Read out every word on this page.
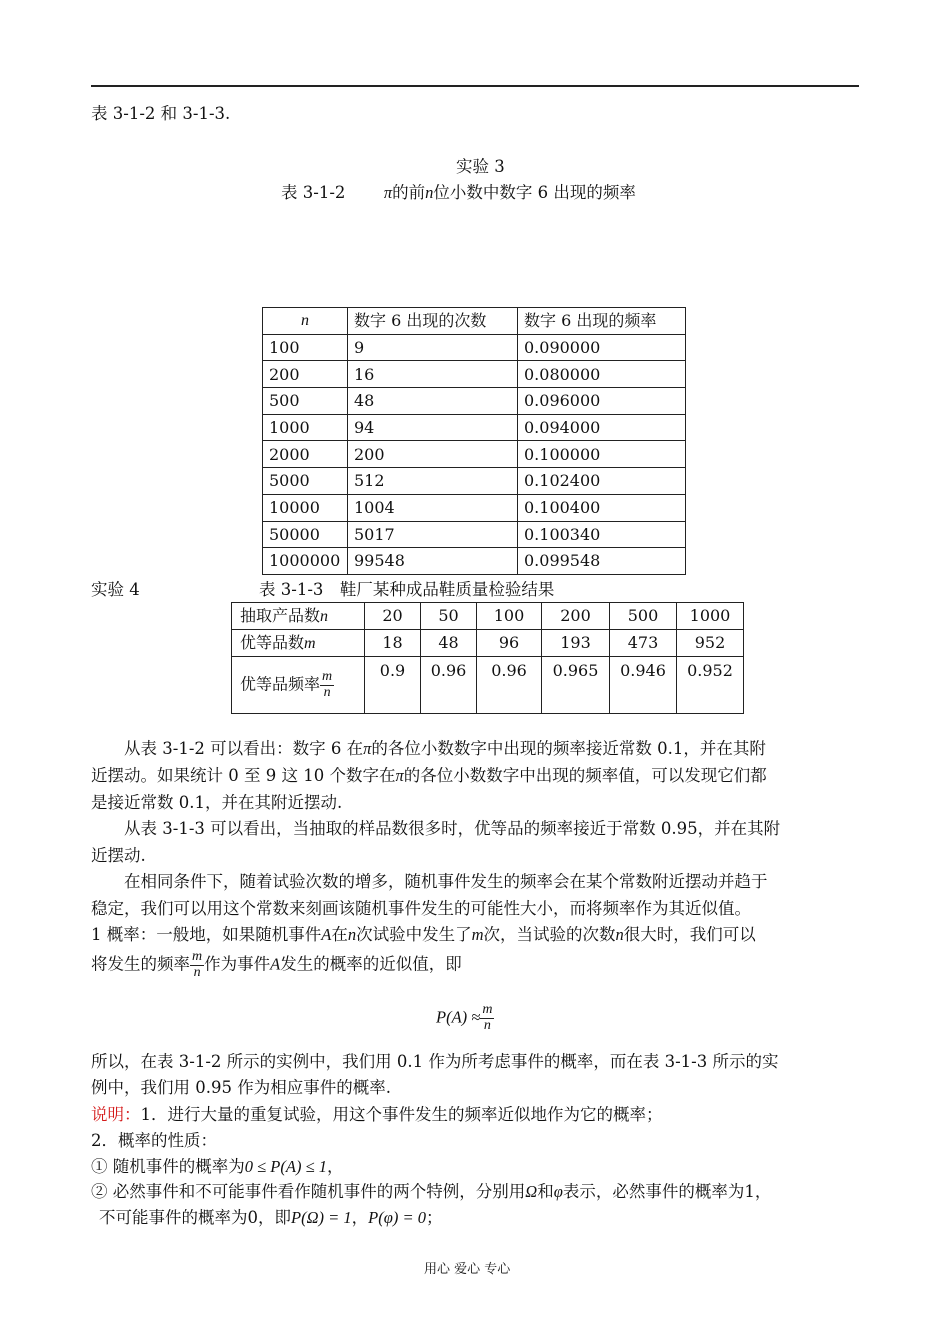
表 3-1-2 和 3-1-3.
实验 3
表 3-1-2 π的前n位小数中数字 6 出现的频率
n	数字 6 出现的次数	数字 6 出现的频率
100	9	0.090000
200	16	0.080000
500	48	0.096000
1000	94	0.094000
2000	200	0.100000
5000	512	0.102400
10000	1004	0.100400
50000	5017	0.100340
1000000	99548	0.099548
实验 4	表 3-1-3　鞋厂某种成品鞋质量检验结果
抽取产品数n	20	50	100	200	500	1000
优等品数m	18	48	96	193	473	952
优等品频率 $\frac{m}{n}$	0.9	0.96	0.96	0.965	0.946	0.952
从表 3-1-2 可以看出：数字 6 在π的各位小数数字中出现的频率接近常数 0.1，并在其附
近摆动。如果统计 0 至 9 这 10 个数字在π的各位小数数字中出现的频率值，可以发现它们都
是接近常数 0.1，并在其附近摆动.
从表 3-1-3 可以看出，当抽取的样品数很多时，优等品的频率接近于常数 0.95，并在其附
近摆动.
在相同条件下，随着试验次数的增多，随机事件发生的频率会在某个常数附近摆动并趋于
稳定，我们可以用这个常数来刻画该随机事件发生的可能性大小，而将频率作为其近似值。
1 概率：一般地，如果随机事件A在n次试验中发生了m次，当试验的次数n很大时，我们可以
将发生的频率 $\frac{m}{n}$ 作为事件A发生的概率的近似值，即
$P(A) \approx \frac{m}{n}$
所以，在表 3-1-2 所示的实例中，我们用 0.1 作为所考虑事件的概率，而在表 3-1-3 所示的实
例中，我们用 0.95 作为相应事件的概率.
说明：1．进行大量的重复试验，用这个事件发生的频率近似地作为它的概率；
2．概率的性质：
① 随机事件的概率为0 ≤ P(A) ≤ 1，
② 必然事件和不可能事件看作随机事件的两个特例，分别用Ω和φ表示，必然事件的概率为1，
不可能事件的概率为0，即P(Ω) = 1，P(φ) = 0；
用心 爱心 专心
